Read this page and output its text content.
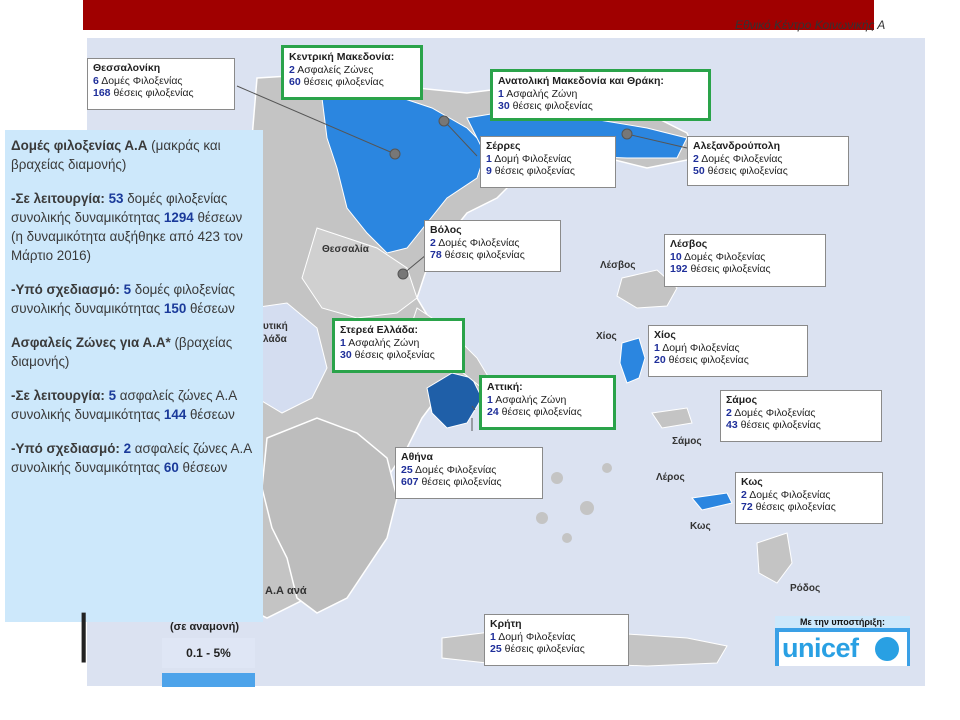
Εθνικό Κέντρο Κοινωνικής Α
Θεσσαλονίκη
6 Δομές Φιλοξενίας
168 θέσεις φιλοξενίας
Κεντρική Μακεδονία:
2 Ασφαλείς Ζώνες
60 θέσεις φιλοξενίας	Ανατολική Μακεδονία και Θράκη:
1 Ασφαλής Ζώνη
30 θέσεις φιλοξενίας
Σέρρες
1 Δομή Φιλοξενίας
9 θέσεις φιλοξενίας
Αλεξανδρούπολη
2 Δομές Φιλοξενίας
50 θέσεις φιλοξενίας
Βόλος
2 Δομές Φιλοξενίας
78 θέσεις φιλοξενίας
Λέσβος
10 Δομές Φιλοξενίας
192 θέσεις φιλοξενίας
Στερεά Ελλάδα:
1 Ασφαλής Ζώνη
30 θέσεις φιλοξενίας
Χίος
1 Δομή Φιλοξενίας
20 θέσεις φιλοξενίας
Αττική:
1 Ασφαλής Ζώνη
24 θέσεις φιλοξενίας
Σάμος
2 Δομές Φιλοξενίας
43 θέσεις φιλοξενίας
Αθήνα
25 Δομές Φιλοξενίας
607 θέσεις φιλοξενίας	Κως
2 Δομές Φιλοξενίας
72 θέσεις φιλοξενίας
Κρήτη
1 Δομή Φιλοξενίας
25 θέσεις φιλοξενίας
Θεσσαλία
Λέσβος
Χίος
Σάμος
Λέρος
Κως
Ρόδος
υτική
λάδα

Δομές φιλοξενίας Α.Α (μακράς και βραχείας διαμονής)

-Σε λειτουργία: 53 δομές φιλοξενίας συνολικής δυναμικότητας 1294 θέσεων (η δυναμικότητα αυξήθηκε από 423 τον Μάρτιο 2016)

-Υπό σχεδιασμό: 5 δομές φιλοξενίας συνολικής δυναμικότητας 150 θέσεων

Ασφαλείς Ζώνες για Α.Α* (βραχείας διαμονής)

-Σε λειτουργία: 5 ασφαλείς ζώνες Α.Α συνολικής δυναμικότητας 144 θέσεων

-Υπό σχεδιασμό: 2 ασφαλείς ζώνες Α.Α συνολικής δυναμικότητας 60 θέσεων

▏
Α.Α ανά
(σε αναμονή)
0.1 - 5%
Με την υποστήριξη:
unicef
